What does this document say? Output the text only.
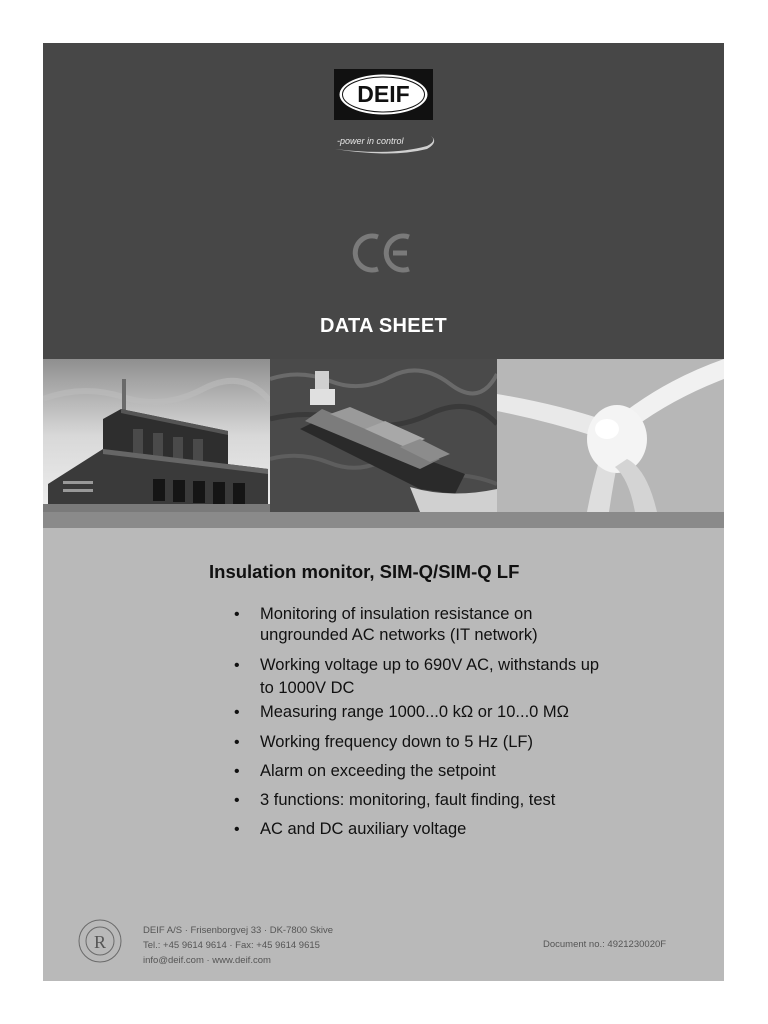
DEIF
-power in control
DATA SHEET
Insulation monitor, SIM-Q/SIM-Q LF
• Monitoring of insulation resistance on
ungrounded AC networks (IT network)
• Working voltage up to 690V AC, withstands up
to 1000V DC
• Measuring range 1000...0 kΩ or 10...0 MΩ
• Working frequency down to 5 Hz (LF)
• Alarm on exceeding the setpoint
• 3 functions: monitoring, fault finding, test
• AC and DC auxiliary voltage
R
DEIF A/S · Frisenborgvej 33 · DK-7800 Skive
Tel.: +45 9614 9614 · Fax: +45 9614 9615
info@deif.com · www.deif.com
Document no.: 4921230020F
